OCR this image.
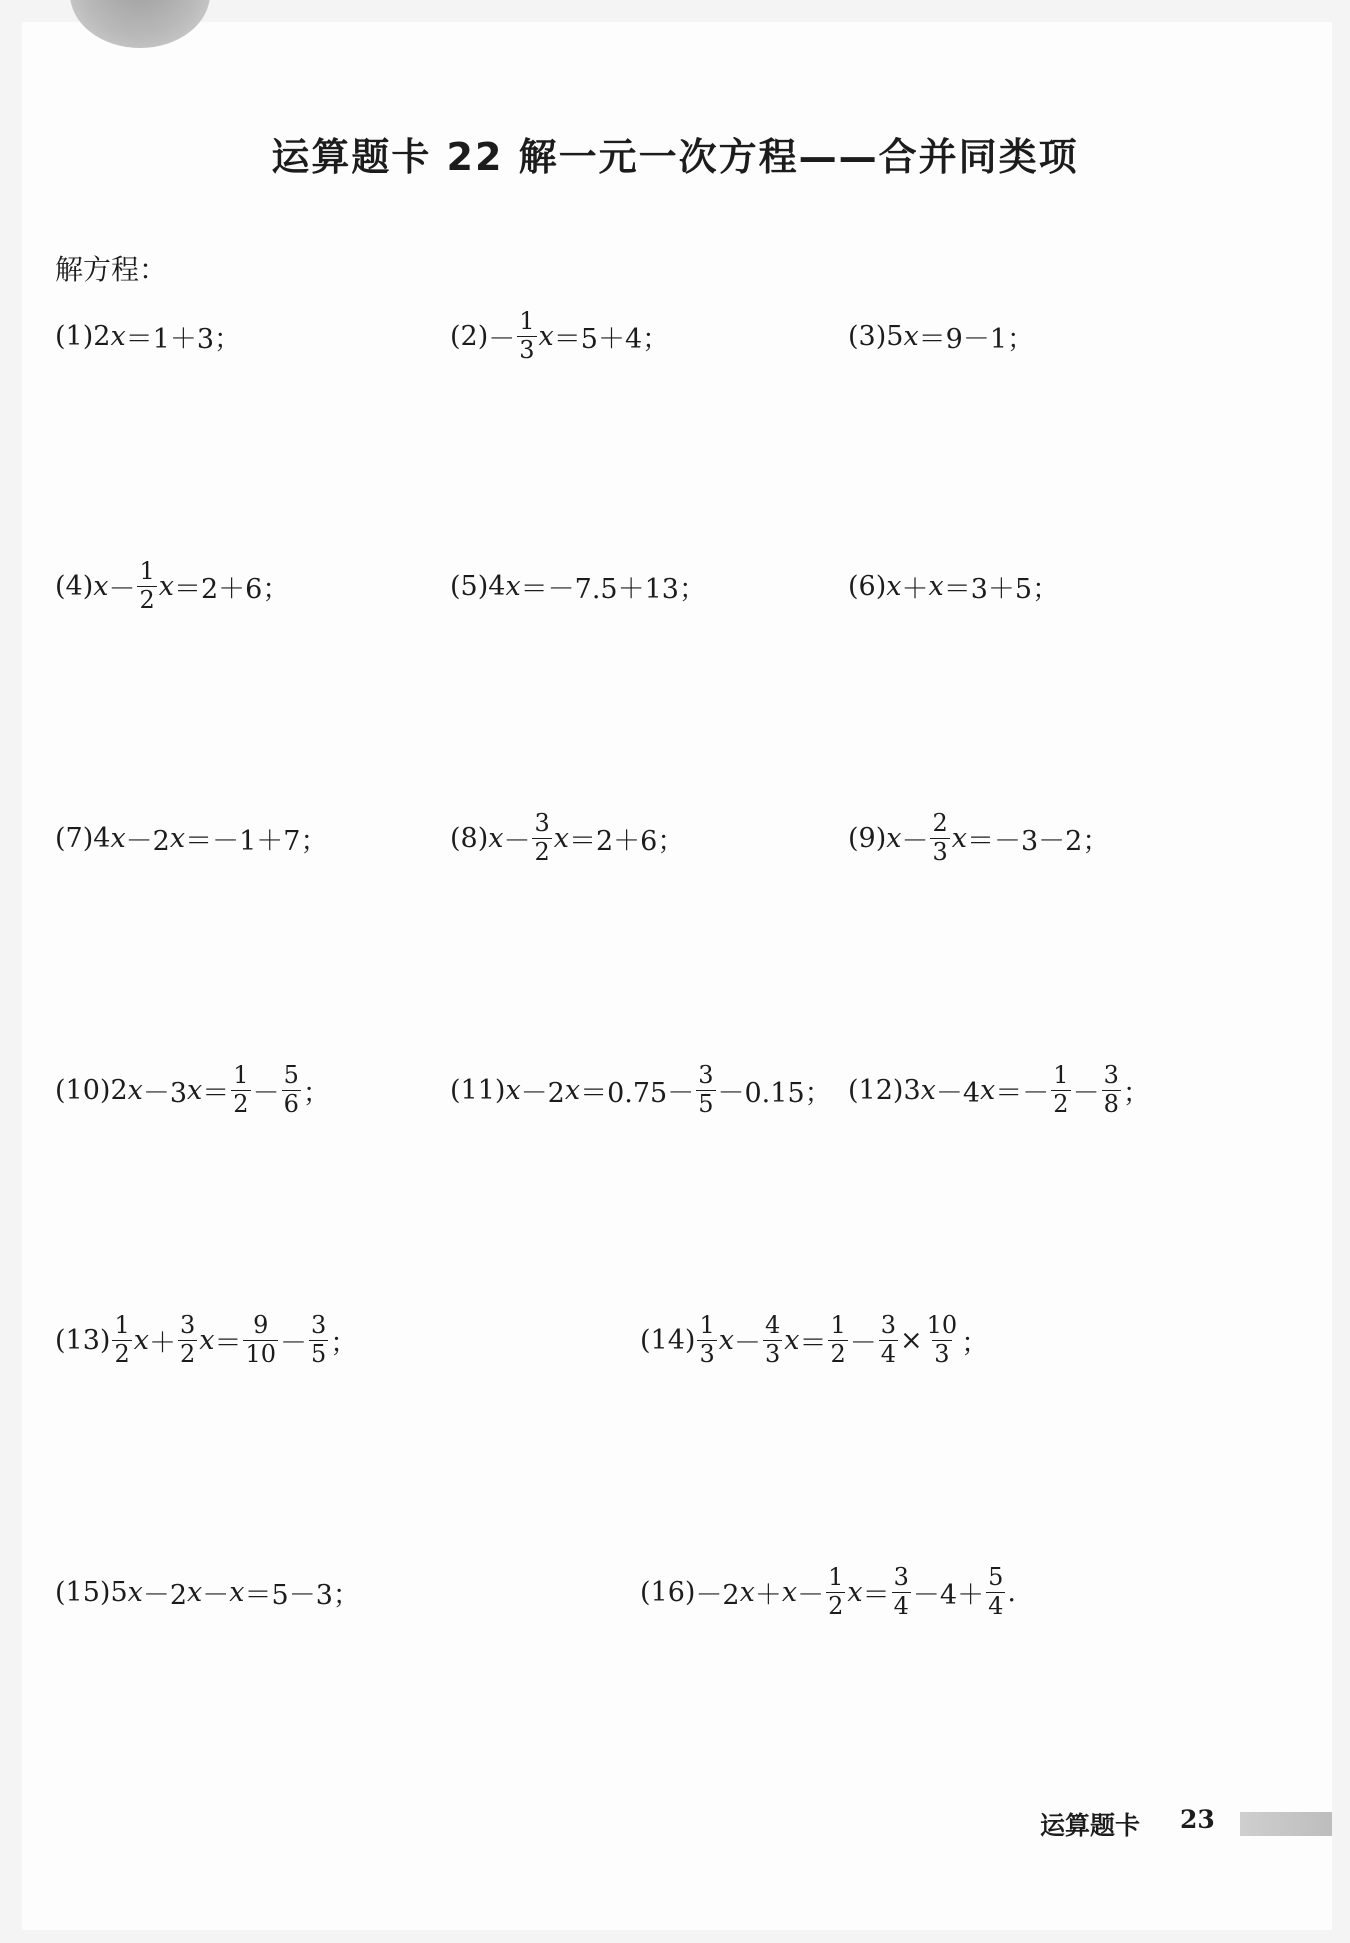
运算题卡 22 解一元一次方程——合并同类项
解方程：
(1) 2 x ＝1＋3；	$(2) - \frac{1}{3}$ x ＝5＋4；	(3) 5 x ＝9－1；
(4) $x - \frac{1}{2}$ x ＝2＋6；	(5) 4 x ＝－7.5＋13；	(6) x ＋ x ＝3＋5；
(7) 4 x －2 x ＝－1＋7；	(8) $x - \frac{3}{2}$ x ＝2＋6；	(9) $x - \frac{2}{3}$ x ＝－3－2；
(10) 2 x －3 $x = \frac{1}{2} - \frac{5}{6}$ ；	(11) x －2 $x =0.75- \frac{3}{5} -0.15$； (12) 3 x －4 $x =- \frac{1}{2} - \frac{3}{8}$ ；
$(13) \frac{1}{2}$ $x + \frac{3}{2}$ $x = \frac{9}{10} - \frac{3}{5}$ ；	$(14) \frac{1}{3}$ $x - \frac{4}{3}$ $x = \frac{1}{2} - \frac{3}{4} \times \frac{10}{3}$ ；
(15) 5 x －2 x － x ＝5－3；	(16) －2 $x + x - \frac{1}{2}$ $x = \frac{3}{4} -4+ \frac{5}{4}$ .
运算题卡 23
